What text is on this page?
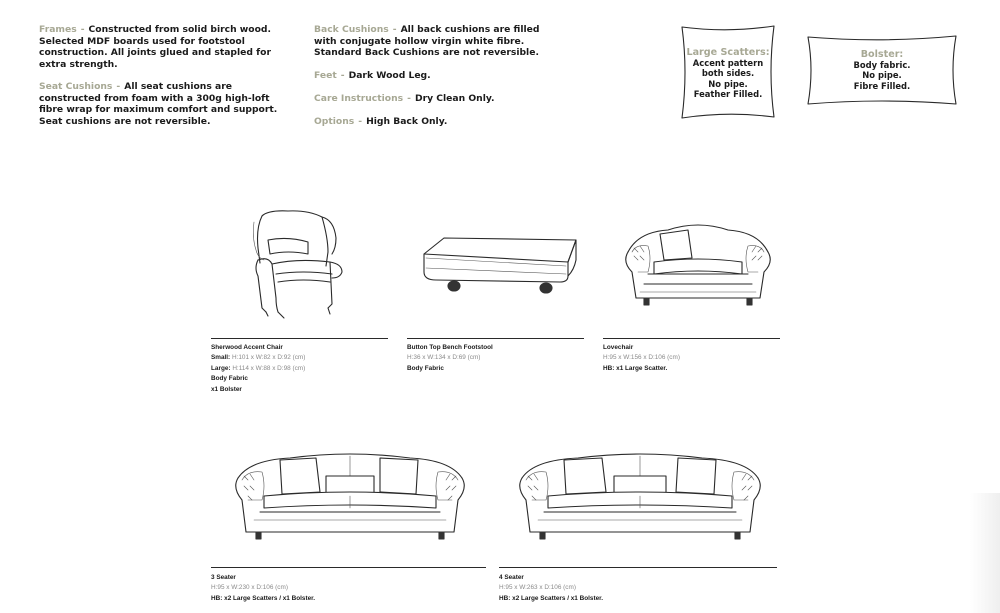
Frames - Constructed from solid birch wood. Selected MDF boards used for footstool construction. All joints glued and stapled for extra strength.
Seat Cushions - All seat cushions are constructed from foam with a 300g high-loft fibre wrap for maximum comfort and support. Seat cushions are not reversible.
Back Cushions - All back cushions are filled with conjugate hollow virgin white fibre. Standard Back Cushions are not reversible.
Feet - Dark Wood Leg.
Care Instructions - Dry Clean Only.
Options - High Back Only.
Large Scatters:
Accent pattern
both sides.
No pipe.
Feather Filled.
Bolster:
Body fabric.
No pipe.
Fibre Filled.
Sherwood Accent Chair
Small: H:101 x W:82 x D:92 (cm)
Large: H:114 x W:88 x D:98 (cm)
Body Fabric
x1 Bolster
Button Top Bench Footstool
H:36 x W:134 x D:69 (cm)
Body Fabric
Lovechair
H:95 x W:156 x D:106 (cm)
HB: x1 Large Scatter.
3 Seater
H:95 x W:230 x D:106 (cm)
HB: x2 Large Scatters / x1 Bolster.
4 Seater
H:95 x W:263 x D:106 (cm)
HB: x2 Large Scatters / x1 Bolster.
